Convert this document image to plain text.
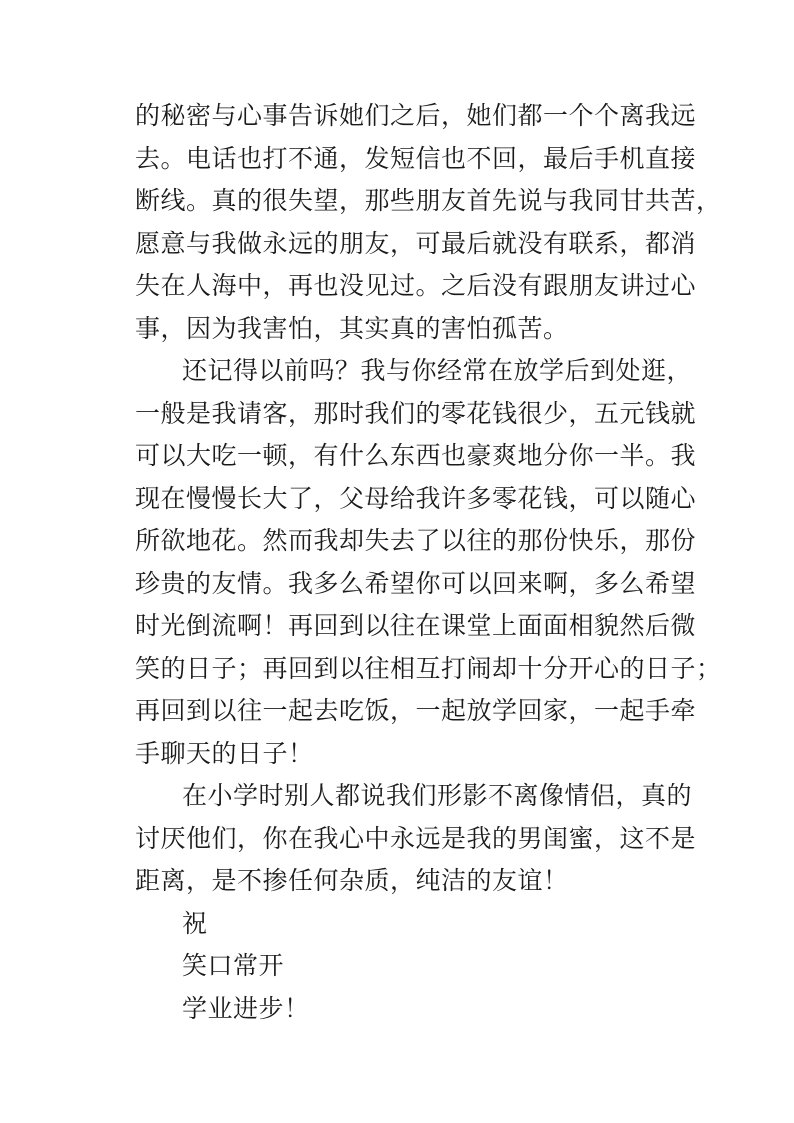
的秘密与心事告诉她们之后，她们都一个个离我远
去。电话也打不通，发短信也不回，最后手机直接
断线。真的很失望，那些朋友首先说与我同甘共苦，
愿意与我做永远的朋友，可最后就没有联系，都消
失在人海中，再也没见过。之后没有跟朋友讲过心
事，因为我害怕，其实真的害怕孤苦。
还记得以前吗？我与你经常在放学后到处逛，
一般是我请客，那时我们的零花钱很少，五元钱就
可以大吃一顿，有什么东西也豪爽地分你一半。我
现在慢慢长大了，父母给我许多零花钱，可以随心
所欲地花。然而我却失去了以往的那份快乐，那份
珍贵的友情。我多么希望你可以回来啊，多么希望
时光倒流啊！再回到以往在课堂上面面相貌然后微
笑的日子；再回到以往相互打闹却十分开心的日子；
再回到以往一起去吃饭，一起放学回家，一起手牵
手聊天的日子！
在小学时别人都说我们形影不离像情侣，真的
讨厌他们，你在我心中永远是我的男闺蜜，这不是
距离，是不掺任何杂质，纯洁的友谊！
祝
笑口常开
学业进步！
